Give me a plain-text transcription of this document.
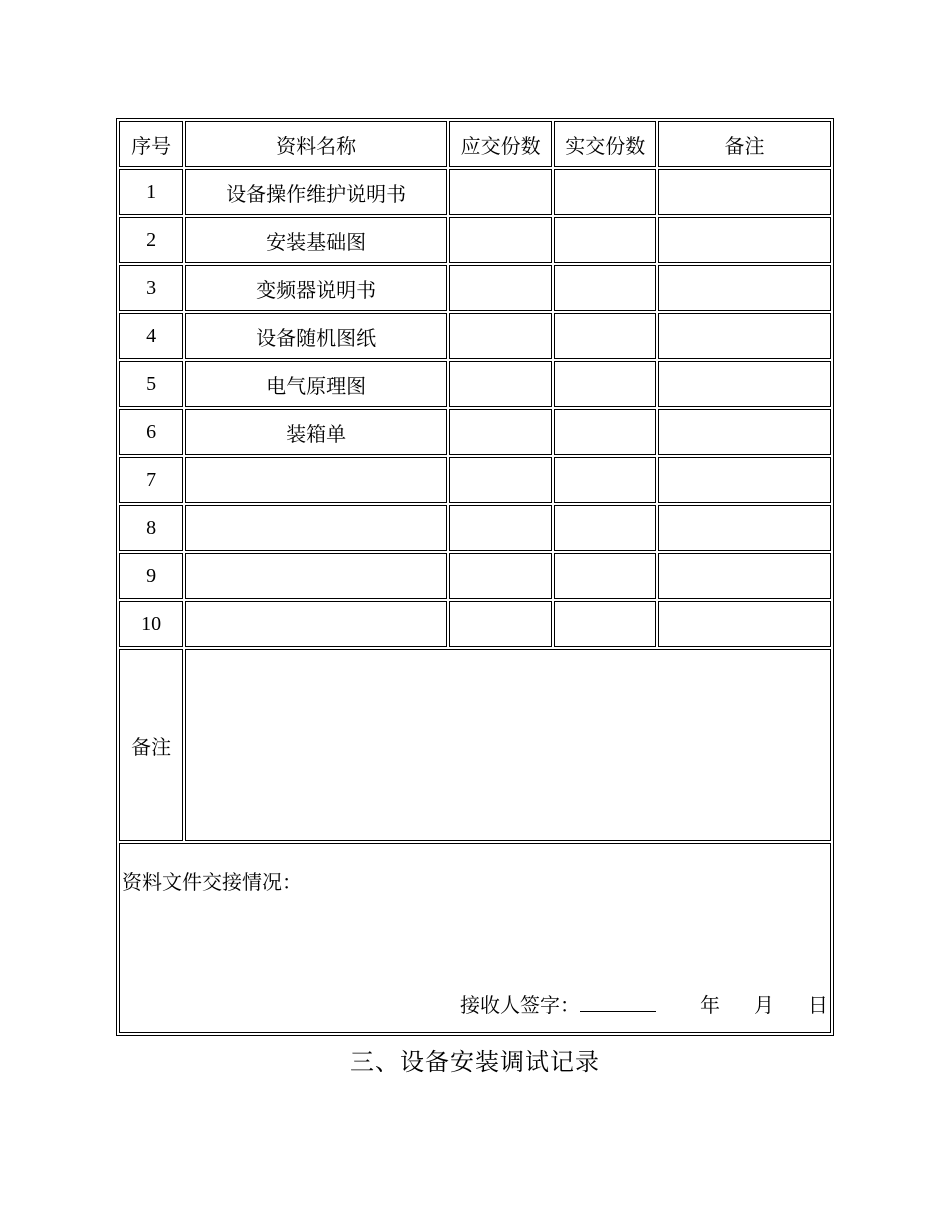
序号	资料名称	应交份数	实交份数	备注
1	设备操作维护说明书			
2	安装基础图			
3	变频器说明书			
4	设备随机图纸			
5	电气原理图			
6	装箱单			
7				
8				
9				
10				
备注				

资料文件交接情况：
接收人签字： 年 月 日				
三、设备安装调试记录
